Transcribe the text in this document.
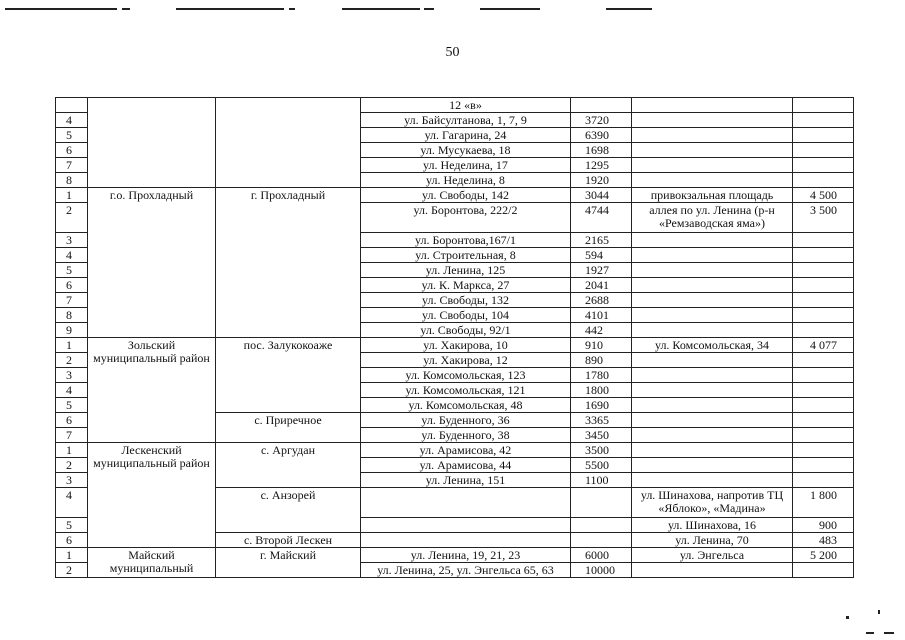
50
			12 «в»			
4			ул. Байсултанова, 1, 7, 9	3720		
5			ул. Гагарина, 24	6390		
6			ул. Мусукаева, 18	1698		
7			ул. Неделина, 17	1295		
8			ул. Неделина, 8	1920		
1	г.о. Прохладный	г. Прохладный	ул. Свободы, 142	3044	привокзальная площадь	4 500
2			ул. Боронтова, 222/2	4744	аллея по ул. Ленина (р-н «Ремзаводская яма»)	3 500
3			ул. Боронтова,167/1	2165		
4			ул. Строительная, 8	594		
5			ул. Ленина, 125	1927		
6			ул. К. Маркса, 27	2041		
7			ул. Свободы, 132	2688		
8			ул. Свободы, 104	4101		
9			ул. Свободы, 92/1	442		
1	Зольский муниципальный район	пос. Залукокоаже	ул. Хакирова, 10	910	ул. Комсомольская, 34	4 077
2			ул. Хакирова, 12	890		
3			ул. Комсомольская, 123	1780		
4			ул. Комсомольская, 121	1800		
5			ул. Комсомольская, 48	1690		
6		с. Приречное	ул. Буденного, 36	3365		
7			ул. Буденного, 38	3450		
1	Лескенский муниципальный район	с. Аргудан	ул. Арамисова, 42	3500		
2			ул. Арамисова, 44	5500		
3			ул. Ленина, 151	1100		
4		с. Анзорей			ул. Шинахова, напротив ТЦ «Яблоко», «Мадина»	1 800
5					ул. Шинахова, 16	900
6		с. Второй Лескен			ул. Ленина, 70	483
1	Майский муниципальный	г. Майский	ул. Ленина, 19, 21, 23	6000	ул. Энгельса	5 200
2			ул. Ленина, 25, ул. Энгельса 65, 63	10000		
